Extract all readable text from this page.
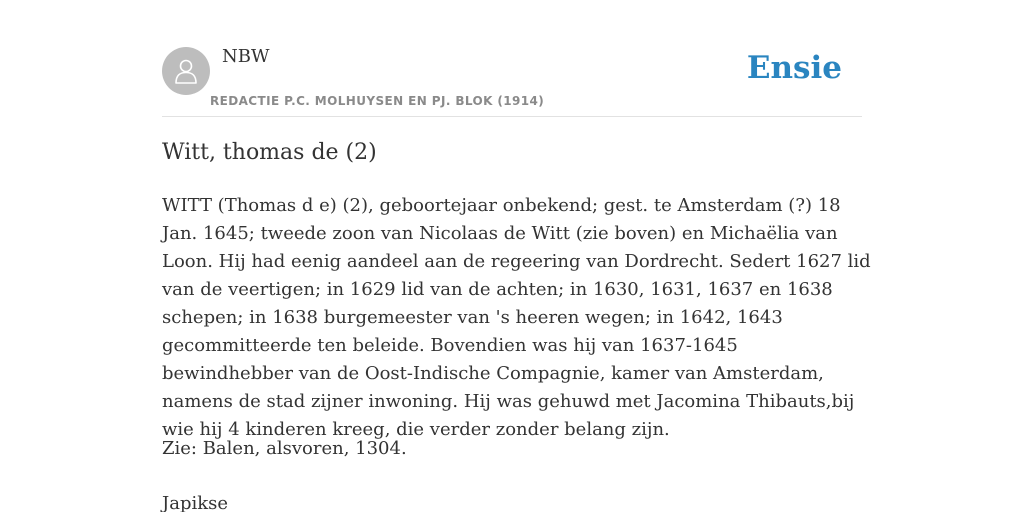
NBW
REDACTIE P.C. MOLHUYSEN EN PJ. BLOK (1914)
Ensie
Witt, thomas de (2)

WITT (Thomas d e) (2), geboortejaar onbekend; gest. te Amsterdam (?) 18 Jan. 1645; tweede zoon van Nicolaas de Witt (zie boven) en Michaëlia van Loon. Hij had eenig aandeel aan de regeering van Dordrecht. Sedert 1627 lid van de veertigen; in 1629 lid van de achten; in 1630, 1631, 1637 en 1638 schepen; in 1638 burgemeester van 's heeren wegen; in 1642, 1643 gecommitteerde ten beleide. Bovendien was hij van 1637-1645 bewindhebber van de Oost-Indische Compagnie, kamer van Amsterdam, namens de stad zijner inwoning. Hij was gehuwd met Jacomina Thibauts,bij wie hij 4 kinderen kreeg, die verder zonder belang zijn.

Zie: Balen, alsvoren, 1304.

Japikse
